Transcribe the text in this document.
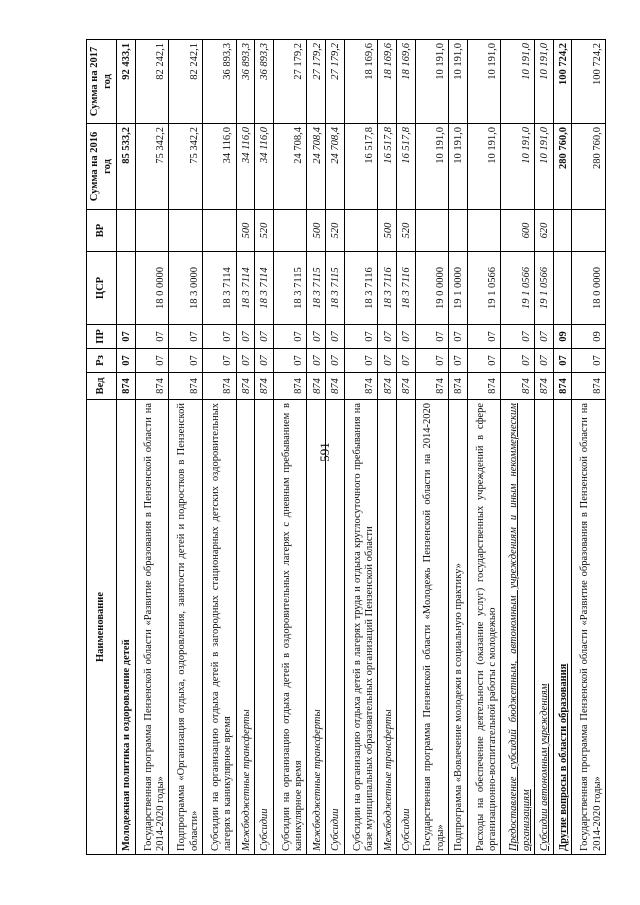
591
Наименование	Вед	Рз	ПР	ЦСР	ВР	Сумма на 2016 год	Сумма на 2017 год
Молодежная политика и оздоровление детей	874	07	07			85 533,2	92 433,1
Государственная программа Пензенской области «Развитие образования в Пензенской области на 2014-2020 годы»	874	07	07	18 0 0000		75 342,2	82 242,1
Подпрограмма «Организация отдыха, оздоровления, занятости детей и подростков в Пензенской области»	874	07	07	18 3 0000		75 342,2	82 242,1
Субсидии на организацию отдыха детей в загородных стационарных детских оздоровительных лагерях в каникулярное время	874	07	07	18 3 7114		34 116,0	36 893,3
Межбюджетные трансферты	874	07	07	18 3 7114	500	34 116,0	36 893,3
Субсидии	874	07	07	18 3 7114	520	34 116,0	36 893,3
Субсидии на организацию отдыха детей в оздоровительных лагерях с дневным пребыванием в каникулярное время	874	07	07	18 3 7115		24 708,4	27 179,2
Межбюджетные трансферты	874	07	07	18 3 7115	500	24 708,4	27 179,2
Субсидии	874	07	07	18 3 7115	520	24 708,4	27 179,2
Субсидии на организацию отдыха детей в лагерях труда и отдыха круглосуточного пребывания на базе муниципальных образовательных организаций Пензенской области	874	07	07	18 3 7116		16 517,8	18 169,6
Межбюджетные трансферты	874	07	07	18 3 7116	500	16 517,8	18 169,6
Субсидии	874	07	07	18 3 7116	520	16 517,8	18 169,6
Государственная программа Пензенской области «Молодежь Пензенской области на 2014-2020 годы»	874	07	07	19 0 0000		10 191,0	10 191,0
Подпрограмма «Вовлечение молодежи в социальную практику»	874	07	07	19 1 0000		10 191,0	10 191,0
Расходы на обеспечение деятельности (оказание услуг) государственных учреждений в сфере организационно-воспитательной работы с молодежью	874	07	07	19 1 0566		10 191,0	10 191,0
Предоставление субсидий бюджетным, автономным учреждениям и иным некоммерческим организациям	874	07	07	19 1 0566	600	10 191,0	10 191,0
Субсидии автономным учреждениям	874	07	07	19 1 0566	620	10 191,0	10 191,0
Другие вопросы в области образования	874	07	09			280 760,0	100 724,2
Государственная программа Пензенской области «Развитие образования в Пензенской области на 2014-2020 годы»	874	07	09	18 0 0000		280 760,0	100 724,2
